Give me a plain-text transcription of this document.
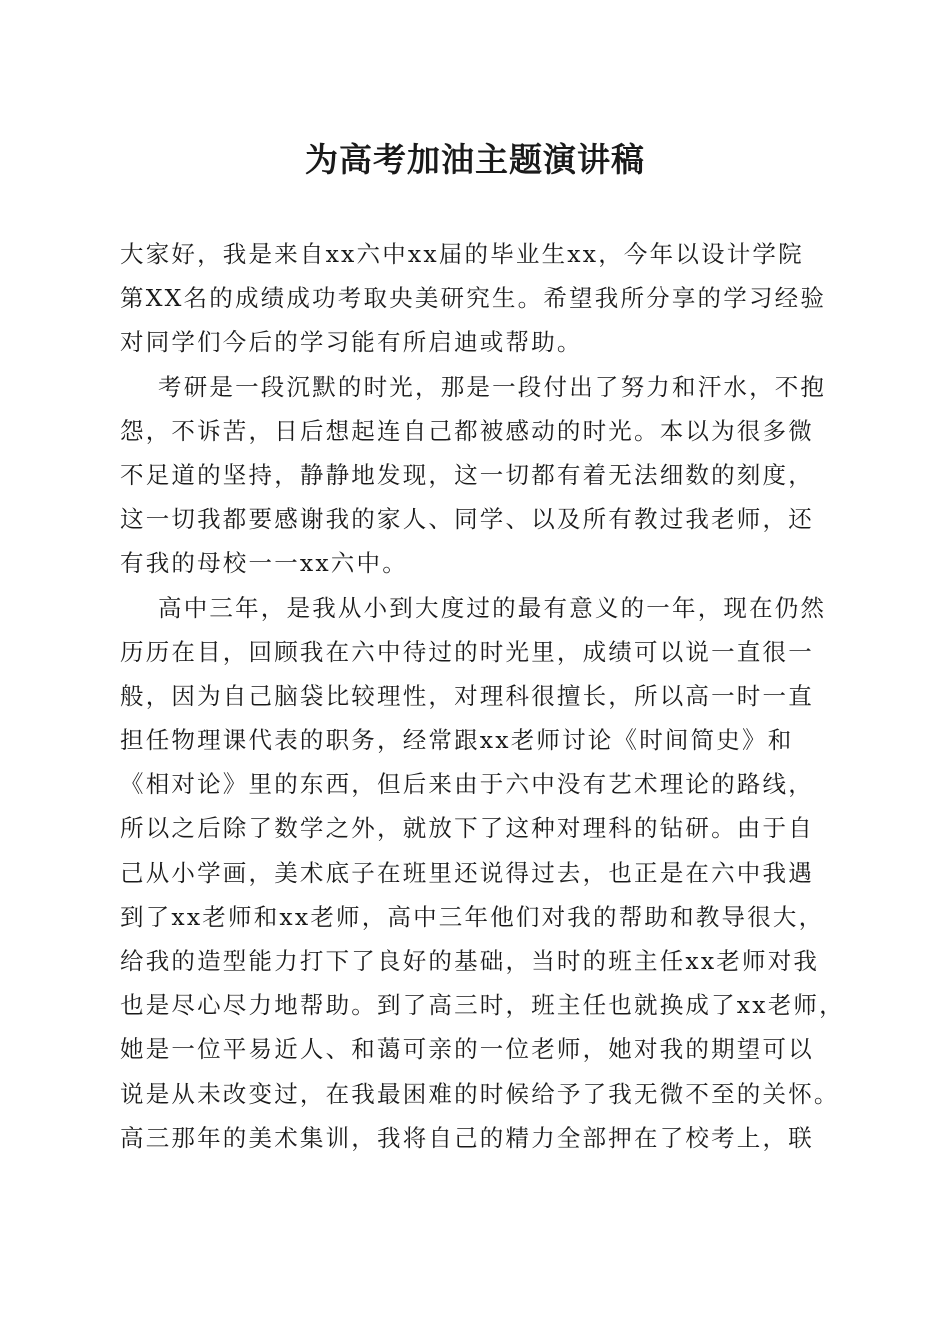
为高考加油主题演讲稿
大家好，我是来自xx六中xx届的毕业生xx，今年以设计学院
第XX名的成绩成功考取央美研究生。希望我所分享的学习经验
对同学们今后的学习能有所启迪或帮助。
考研是一段沉默的时光，那是一段付出了努力和汗水，不抱
怨，不诉苦，日后想起连自己都被感动的时光。本以为很多微
不足道的坚持，静静地发现，这一切都有着无法细数的刻度，
这一切我都要感谢我的家人、同学、以及所有教过我老师，还
有我的母校一一xx六中。
高中三年，是我从小到大度过的最有意义的一年，现在仍然
历历在目，回顾我在六中待过的时光里，成绩可以说一直很一
般，因为自己脑袋比较理性，对理科很擅长，所以高一时一直
担任物理课代表的职务，经常跟xx老师讨论《时间简史》和
《相对论》里的东西，但后来由于六中没有艺术理论的路线，
所以之后除了数学之外，就放下了这种对理科的钻研。由于自
己从小学画，美术底子在班里还说得过去，也正是在六中我遇
到了xx老师和xx老师，高中三年他们对我的帮助和教导很大，
给我的造型能力打下了良好的基础，当时的班主任xx老师对我
也是尽心尽力地帮助。到了高三时，班主任也就换成了xx老师，
她是一位平易近人、和蔼可亲的一位老师，她对我的期望可以
说是从未改变过，在我最困难的时候给予了我无微不至的关怀。
高三那年的美术集训，我将自己的精力全部押在了校考上，联
